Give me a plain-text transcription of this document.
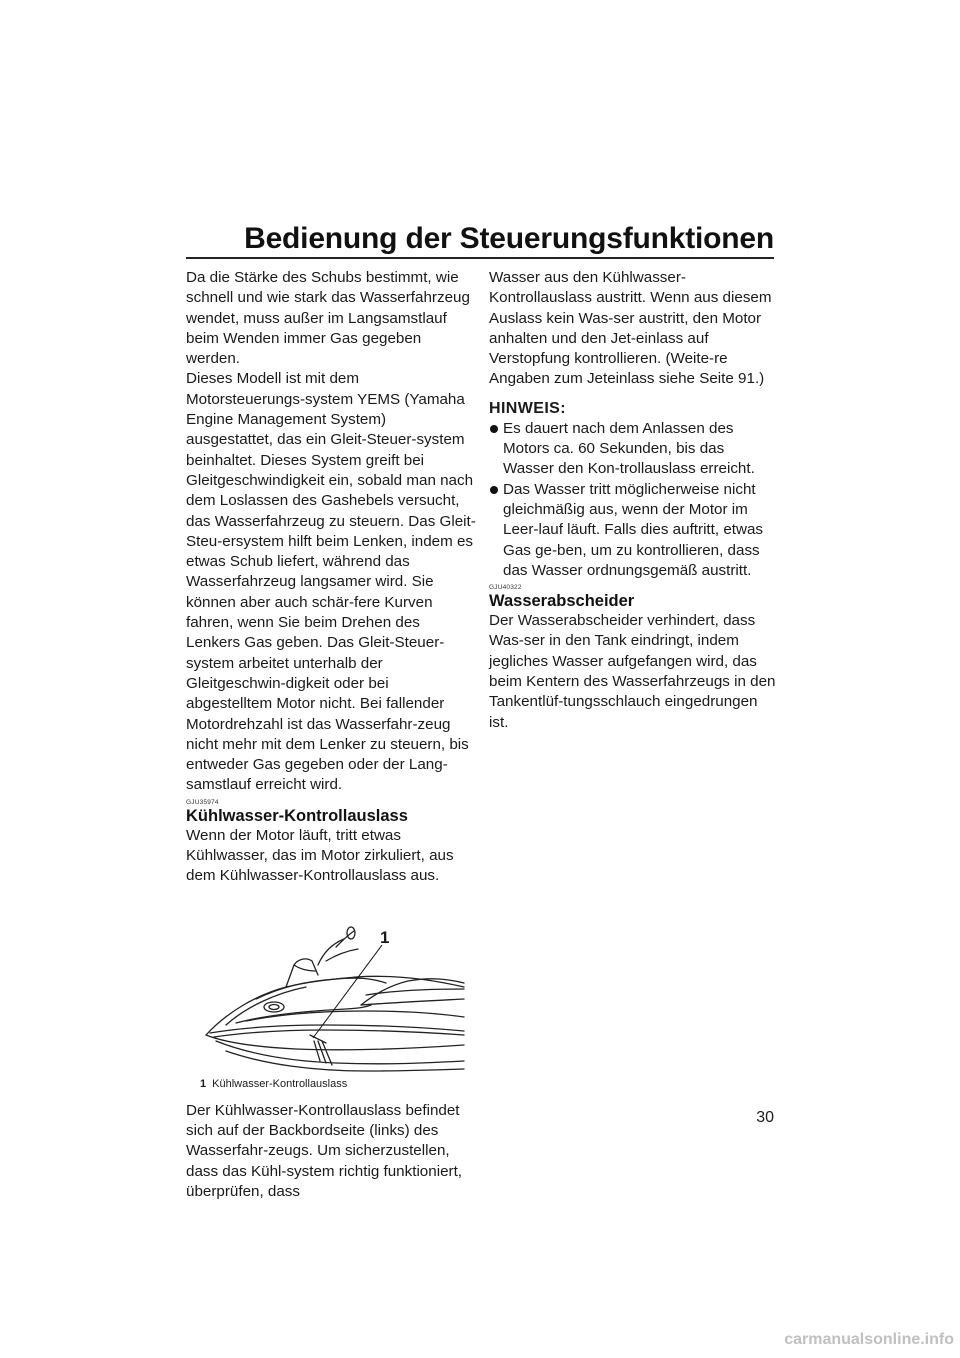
Bedienung der Steuerungsfunktionen

Da die Stärke des Schubs bestimmt, wie schnell und wie stark das Wasserfahrzeug wendet, muss außer im Langsamstlauf beim Wenden immer Gas gegeben werden.

Dieses Modell ist mit dem Motorsteuerungs-system YEMS (Yamaha Engine Management System) ausgestattet, das ein Gleit-Steuer-system beinhaltet. Dieses System greift bei Gleitgeschwindigkeit ein, sobald man nach dem Loslassen des Gashebels versucht, das Wasserfahrzeug zu steuern. Das Gleit-Steu-ersystem hilft beim Lenken, indem es etwas Schub liefert, während das Wasserfahrzeug langsamer wird. Sie können aber auch schär-fere Kurven fahren, wenn Sie beim Drehen des Lenkers Gas geben. Das Gleit-Steuer-system arbeitet unterhalb der Gleitgeschwin-digkeit oder bei abgestelltem Motor nicht. Bei fallender Motordrehzahl ist das Wasserfahr-zeug nicht mehr mit dem Lenker zu steuern, bis entweder Gas gegeben oder der Lang-samstlauf erreicht wird.

GJU35974
Kühlwasser-Kontrollauslass

Wenn der Motor läuft, tritt etwas Kühlwasser, das im Motor zirkuliert, aus dem Kühlwasser-Kontrollauslass aus.

1
1 Kühlwasser-Kontrollauslass

Der Kühlwasser-Kontrollauslass befindet sich auf der Backbordseite (links) des Wasserfahr-zeugs. Um sicherzustellen, dass das Kühl-system richtig funktioniert, überprüfen, dass

Wasser aus den Kühlwasser-Kontrollauslass austritt. Wenn aus diesem Auslass kein Was-ser austritt, den Motor anhalten und den Jet-einlass auf Verstopfung kontrollieren. (Weite-re Angaben zum Jeteinlass siehe Seite 91.)

HINWEIS:
Es dauert nach dem Anlassen des Motors ca. 60 Sekunden, bis das Wasser den Kon-trollauslass erreicht.
Das Wasser tritt möglicherweise nicht gleichmäßig aus, wenn der Motor im Leer-lauf läuft. Falls dies auftritt, etwas Gas ge-ben, um zu kontrollieren, dass das Wasser ordnungsgemäß austritt.
GJU40322
Wasserabscheider

Der Wasserabscheider verhindert, dass Was-ser in den Tank eindringt, indem jegliches Wasser aufgefangen wird, das beim Kentern des Wasserfahrzeugs in den Tankentlüf-tungsschlauch eingedrungen ist.

30
carmanualsonline.info
